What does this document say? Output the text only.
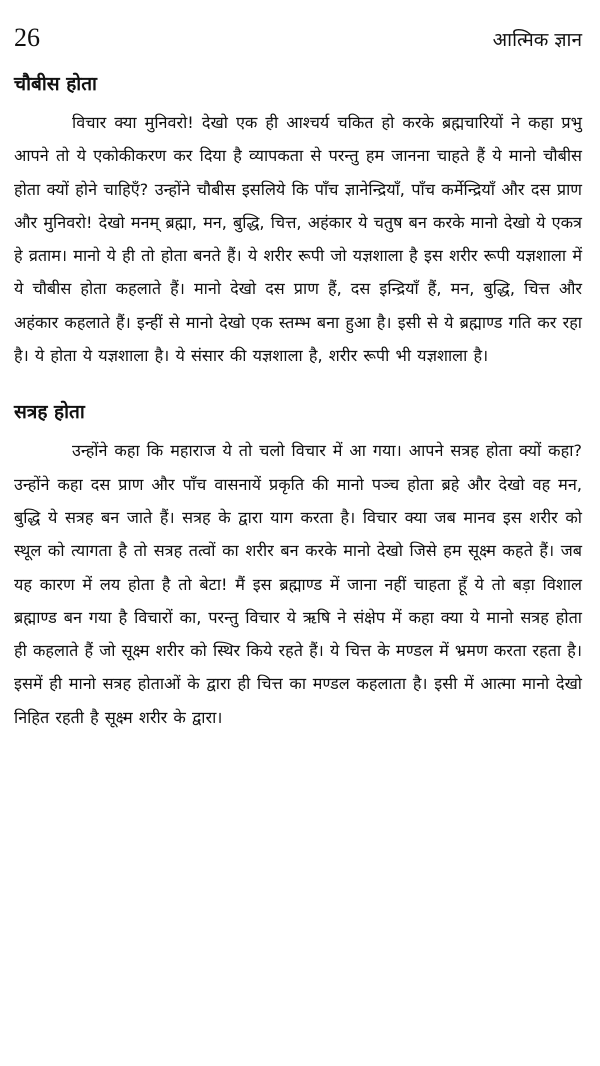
26	आत्मिक ज्ञान
चौबीस होता

विचार क्या मुनिवरो! देखो एक ही आश्चर्य चकित हो करके ब्रह्मचारियों ने कहा प्रभु आपने तो ये एकोकीकरण कर दिया है व्यापकता से परन्तु हम जानना चाहते हैं ये मानो चौबीस होता क्यों होने चाहिएँ? उन्होंने चौबीस इसलिये कि पाँच ज्ञानेन्द्रियाँ, पाँच कर्मेन्द्रियाँ और दस प्राण और मुनिवरो! देखो मनम् ब्रह्मा, मन, बुद्धि, चित्त, अहंकार ये चतुष बन करके मानो देखो ये एकत्र हे व्रताम। मानो ये ही तो होता बनते हैं। ये शरीर रूपी जो यज्ञशाला है इस शरीर रूपी यज्ञशाला में ये चौबीस होता कहलाते हैं। मानो देखो दस प्राण हैं, दस इन्द्रियाँ हैं, मन, बुद्धि, चित्त और अहंकार कहलाते हैं। इन्हीं से मानो देखो एक स्तम्भ बना हुआ है। इसी से ये ब्रह्माण्ड गति कर रहा है। ये होता ये यज्ञशाला है। ये संसार की यज्ञशाला है, शरीर रूपी भी यज्ञशाला है।

सत्रह होता

उन्होंने कहा कि महाराज ये तो चलो विचार में आ गया। आपने सत्रह होता क्यों कहा? उन्होंने कहा दस प्राण और पाँच वासनायें प्रकृति की मानो पञ्च होता ब्रहे और देखो वह मन, बुद्धि ये सत्रह बन जाते हैं। सत्रह के द्वारा याग करता है। विचार क्या जब मानव इस शरीर को स्थूल को त्यागता है तो सत्रह तत्वों का शरीर बन करके मानो देखो जिसे हम सूक्ष्म कहते हैं। जब यह कारण में लय होता है तो बेटा! मैं इस ब्रह्माण्ड में जाना नहीं चाहता हूँ ये तो बड़ा विशाल ब्रह्माण्ड बन गया है विचारों का, परन्तु विचार ये ऋषि ने संक्षेप में कहा क्या ये मानो सत्रह होता ही कहलाते हैं जो सूक्ष्म शरीर को स्थिर किये रहते हैं। ये चित्त के मण्डल में भ्रमण करता रहता है। इसमें ही मानो सत्रह होताओं के द्वारा ही चित्त का मण्डल कहलाता है। इसी में आत्मा मानो देखो निहित रहती है सूक्ष्म शरीर के द्वारा।
